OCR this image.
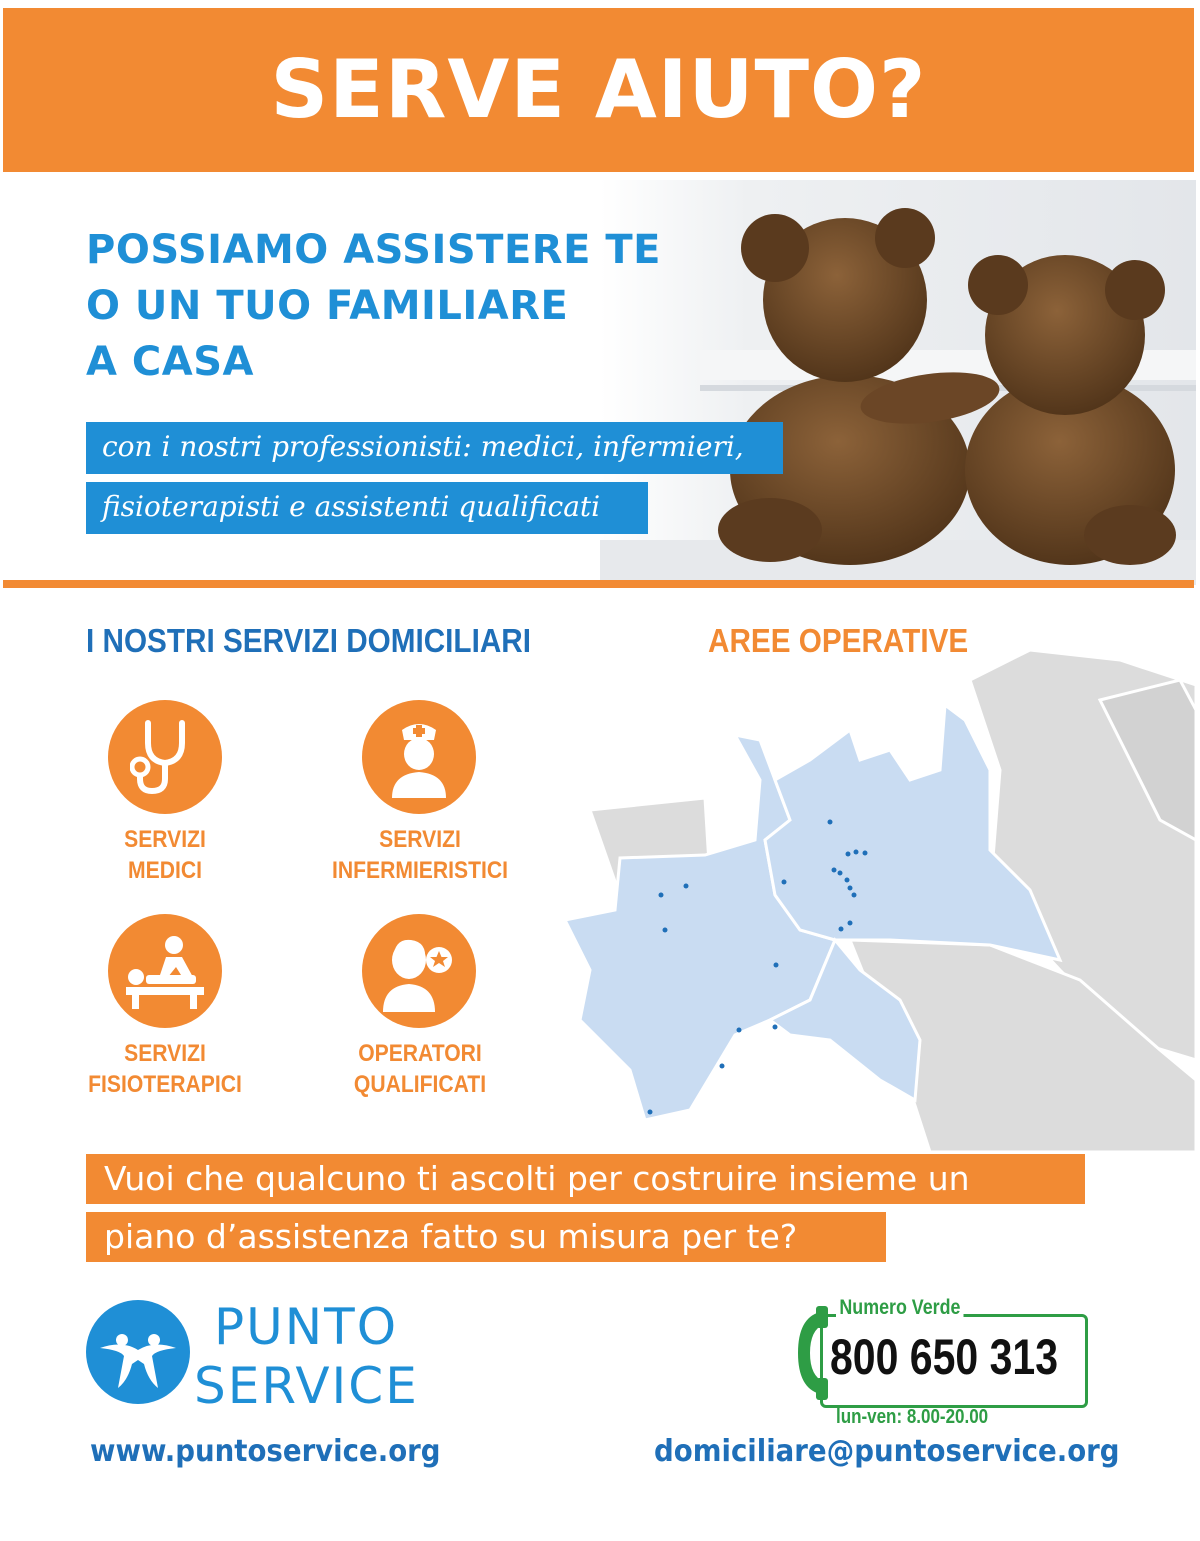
SERVE AIUTO?
POSSIAMO ASSISTERE TE
O UN TUO FAMILIARE
A CASA
con i nostri professionisti: medici, infermieri,
fisioterapisti e assistenti qualificati
I NOSTRI SERVIZI DOMICILIARI	AREE OPERATIVE
SERVIZI
MEDICI
SERVIZI
INFERMIERISTICI
SERVIZI
FISIOTERAPICI
OPERATORI
QUALIFICATI
Vuoi che qualcuno ti ascolti per costruire insieme un
piano d’assistenza fatto su misura per te?
PUNTO
SERVICE
www.puntoservice.org
Numero Verde
800 650 313
lun-ven: 8.00-20.00
domiciliare@puntoservice.org
